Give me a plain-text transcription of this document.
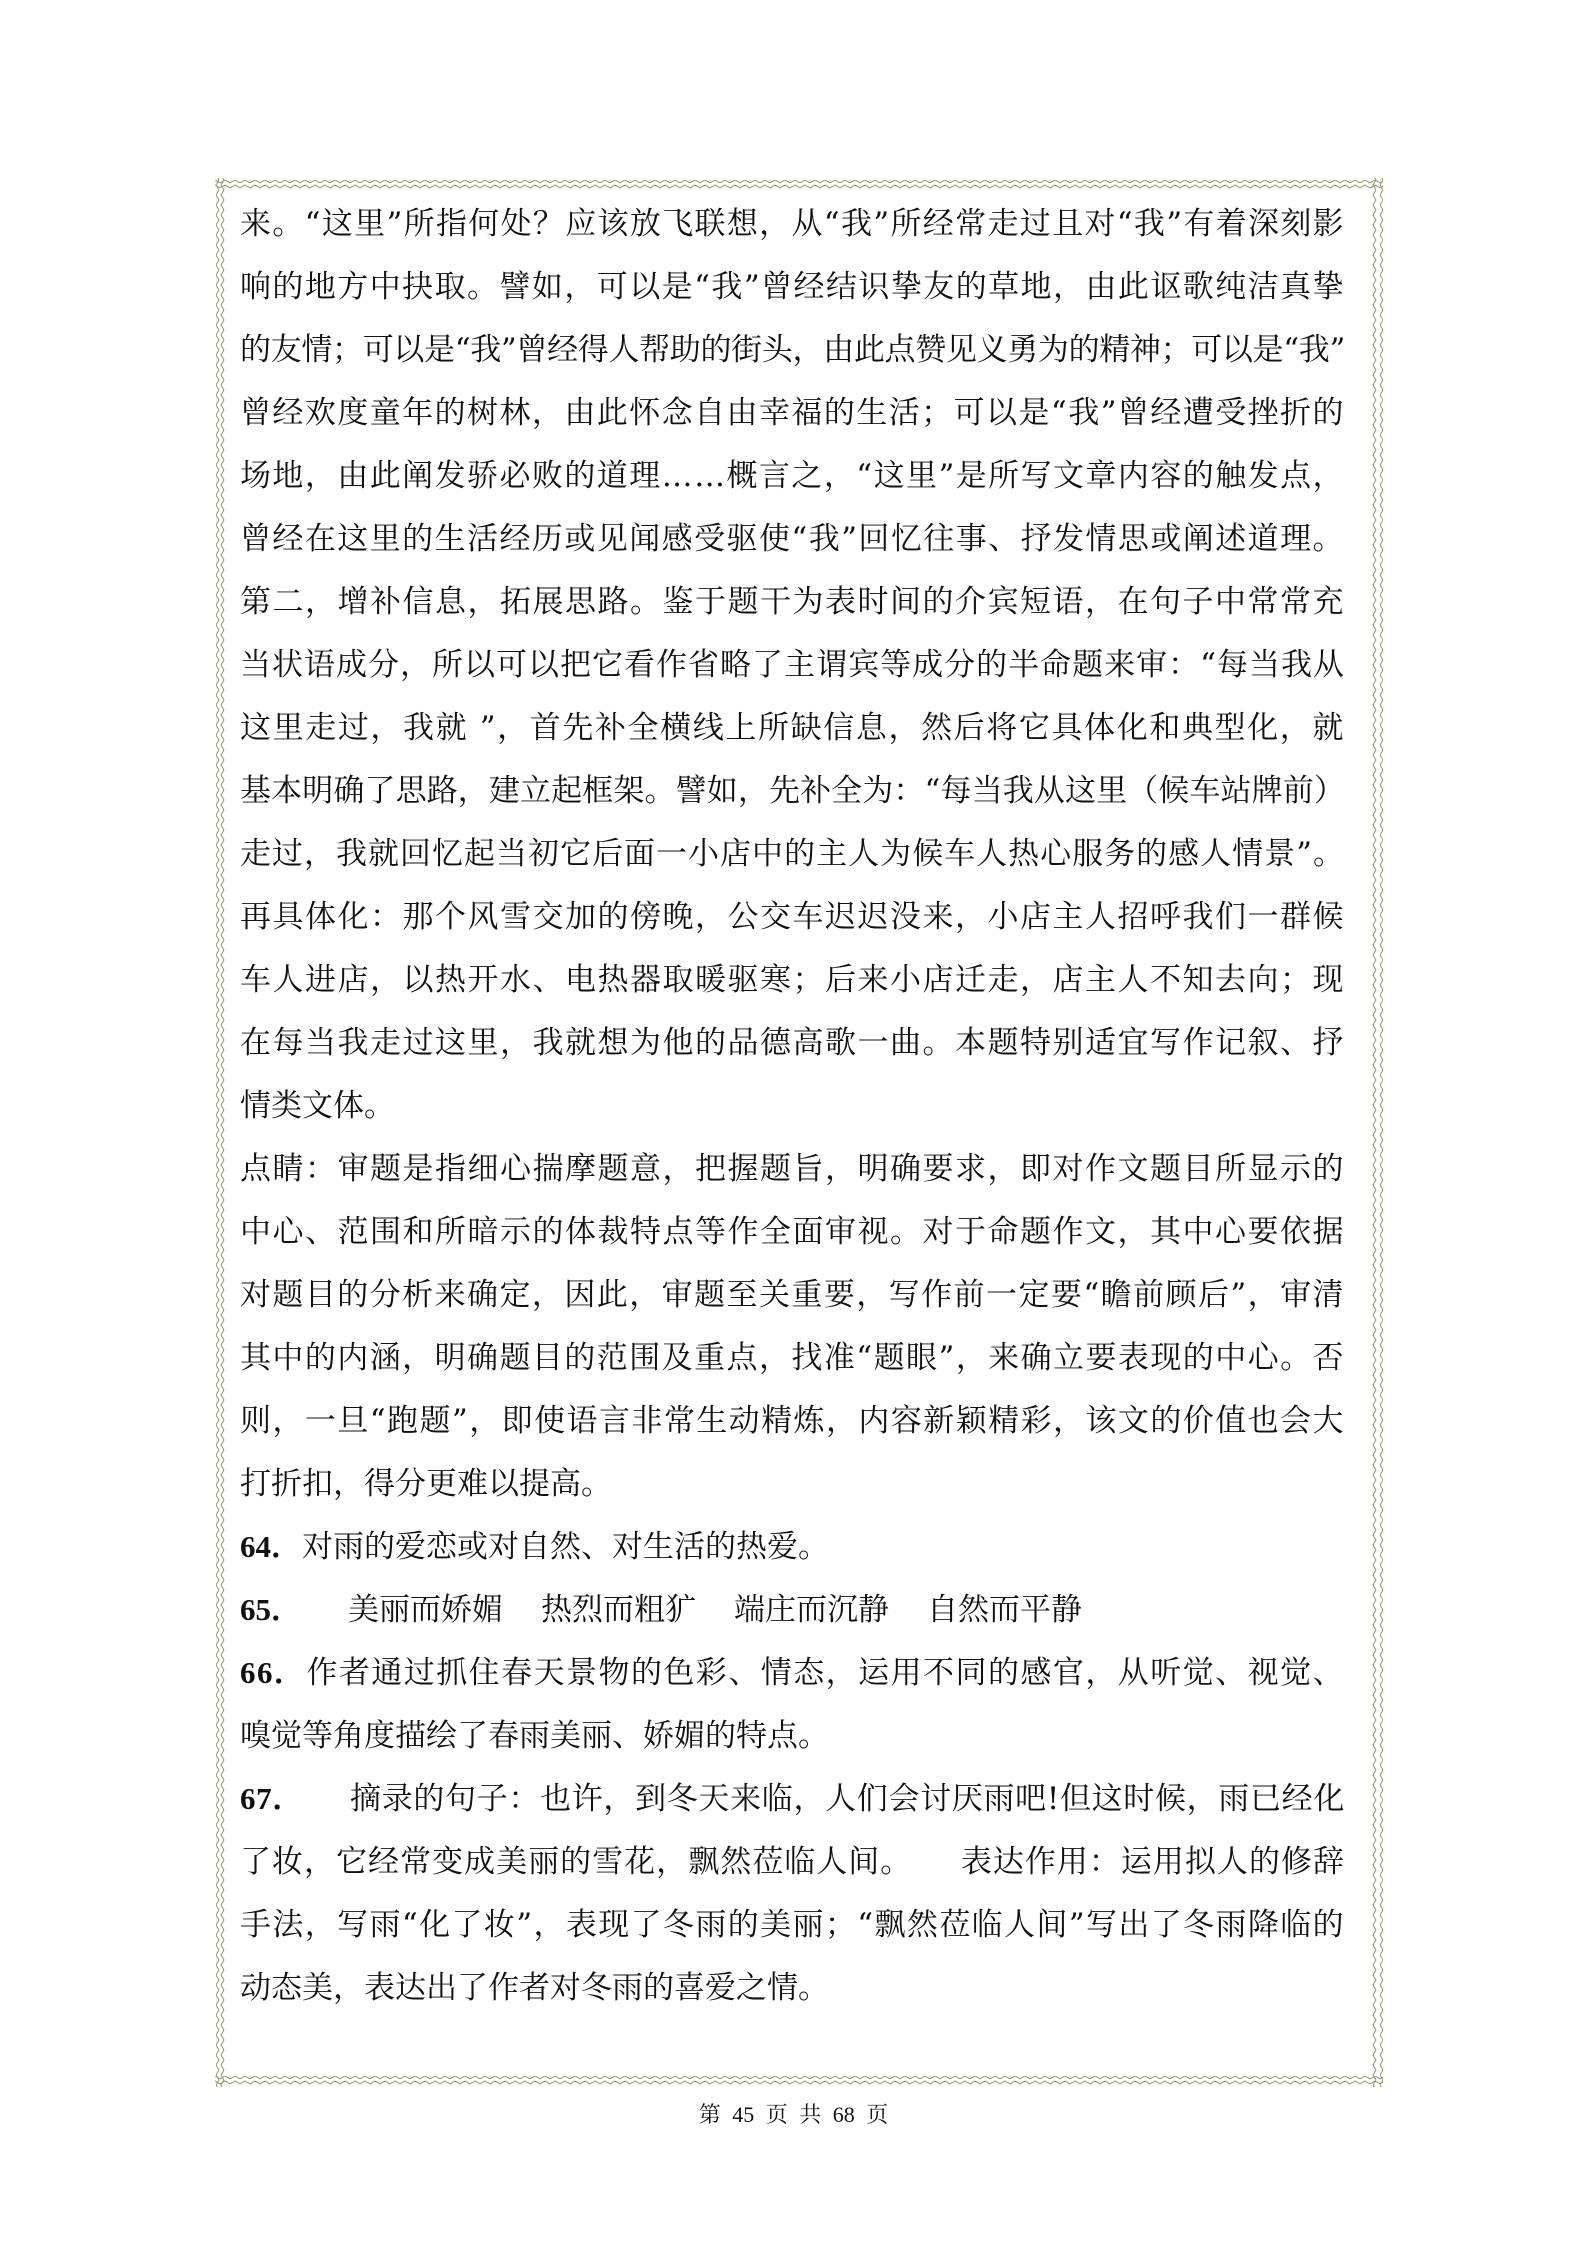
来。“这里”所指何处？应该放飞联想，从“我”所经常走过且对“我”有着深刻影
响的地方中抉取。譬如，可以是“我”曾经结识挚友的草地，由此讴歌纯洁真挚
的友情；可以是“我”曾经得人帮助的街头，由此点赞见义勇为的精神；可以是“我”
曾经欢度童年的树林，由此怀念自由幸福的生活；可以是“我”曾经遭受挫折的
场地，由此阐发骄必败的道理……概言之，“这里”是所写文章内容的触发点，
曾经在这里的生活经历或见闻感受驱使“我”回忆往事、抒发情思或阐述道理。
第二，增补信息，拓展思路。鉴于题干为表时间的介宾短语，在句子中常常充
当状语成分，所以可以把它看作省略了主谓宾等成分的半命题来审：“每当我从
这里走过，我就 ”，首先补全横线上所缺信息，然后将它具体化和典型化，就
基本明确了思路，建立起框架。譬如，先补全为：“每当我从这里（候车站牌前）
走过，我就回忆起当初它后面一小店中的主人为候车人热心服务的感人情景”。
再具体化：那个风雪交加的傍晚，公交车迟迟没来，小店主人招呼我们一群候
车人进店，以热开水、电热器取暖驱寒；后来小店迁走，店主人不知去向；现
在每当我走过这里，我就想为他的品德高歌一曲。本题特别适宜写作记叙、抒
情类文体。
点睛：审题是指细心揣摩题意，把握题旨，明确要求，即对作文题目所显示的
中心、范围和所暗示的体裁特点等作全面审视。对于命题作文，其中心要依据
对题目的分析来确定，因此，审题至关重要，写作前一定要“瞻前顾后”，审清
其中的内涵，明确题目的范围及重点，找准“题眼”，来确立要表现的中心。否
则，一旦“跑题”，即使语言非常生动精炼，内容新颖精彩，该文的价值也会大
打折扣，得分更难以提高。
64．对雨的爱恋或对自然、对生活的热爱。
65． 美丽而娇媚 热烈而粗犷 端庄而沉静 自然而平静
66．作者通过抓住春天景物的色彩、情态，运用不同的感官，从听觉、视觉、
嗅觉等角度描绘了春雨美丽、娇媚的特点。
67． 摘录的句子：也许，到冬天来临，人们会讨厌雨吧!但这时候，雨已经化
了妆，它经常变成美丽的雪花，飘然莅临人间。　　表达作用：运用拟人的修辞
手法，写雨“化了妆”，表现了冬雨的美丽；“飘然莅临人间”写出了冬雨降临的
动态美，表达出了作者对冬雨的喜爱之情。
第 45 页 共 68 页
